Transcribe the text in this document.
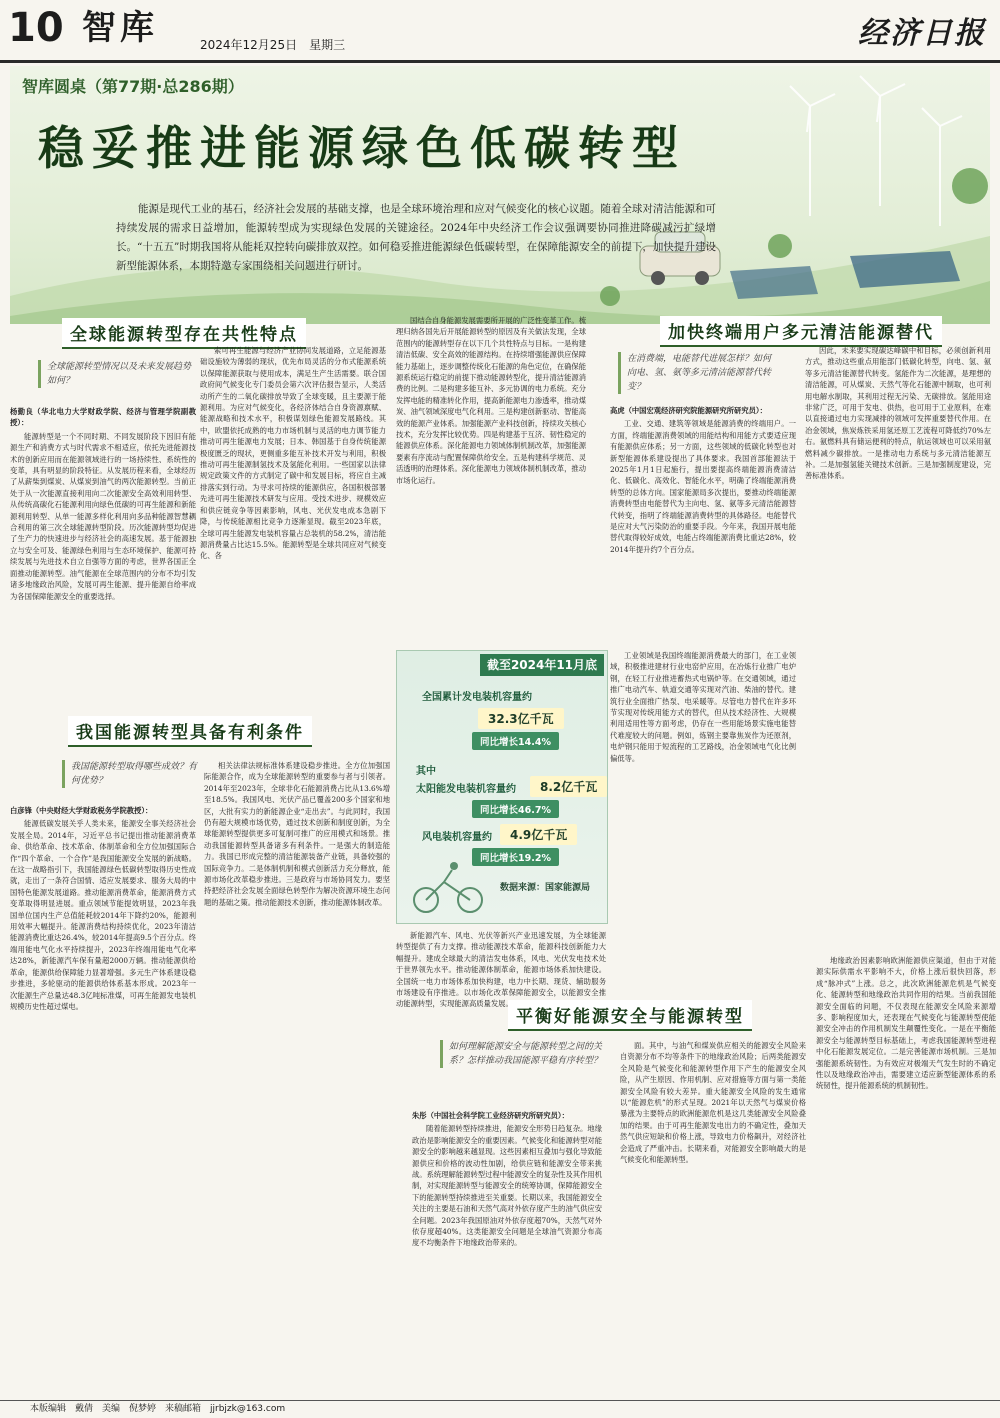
10 智库	2024年12月25日　星期三	经济日报
智库圆桌（第77期·总286期）
稳妥推进能源绿色低碳转型
能源是现代工业的基石，经济社会发展的基础支撑，也是全球环境治理和应对气候变化的核心议题。随着全球对清洁能源和可持续发展的需求日益增加，能源转型成为实现绿色发展的关键途径。2024年中央经济工作会议强调要协同推进降碳减污扩绿增长。“十五五”时期我国将从能耗双控转向碳排放双控。如何稳妥推进能源绿色低碳转型，在保障能源安全的前提下，加快提升建设新型能源体系，本期特邀专家围绕相关问题进行研讨。
全球能源转型存在共性特点
全球能源转型情况以及未来发展趋势如何？

杨勤良（华北电力大学财政学院、经济与管理学院副教授）：

能源转型是一个不同时期、不同发展阶段下因旧有能源生产和消费方式与时代需求不相适应，依托先进能源技术的创新应用而在能源领域进行的一场持续性、系统性的变革，具有明显的阶段特征。从发展历程来看，全球经历了从薪柴到煤炭、从煤炭到油气的两次能源转型。当前正处于从一次能源直接利用向二次能源安全高效利用转型、从传统高碳化石能源利用向绿色低碳的可再生能源和新能源利用转型、从单一能源多样化利用向多品种能源智慧耦合利用的第三次全球能源转型阶段。历次能源转型均促进了生产力的快速进步与经济社会的高速发展。基于能源独立与安全可及、能源绿色利用与生态环境保护、能源可持续发展与先进技术自立自强等方面的考虑，世界各国正全面推动能源转型。油气能源在全球范围内的分布不均引发诸多地缘政治风险，发展可再生能源、提升能源自给率成为各国保障能源安全的重要选择。

索可再生能源与经济产业协同发展道路，立足能源基础设施较为薄弱的现状，优先布局灵活的分布式能源系统以保障能源获取与使用成本，满足生产生活需要。联合国政府间气候变化专门委员会第六次评估报告显示，人类活动所产生的二氧化碳排放导致了全球变暖，且主要源于能源利用。为应对气候变化，各经济体结合自身资源禀赋、能源战略和技术水平，积极谋划绿色能源发展路线。其中，欧盟依托成熟的电力市场机制与灵活的电力调节能力推动可再生能源电力发展；日本、韩国基于自身传统能源极度匮乏的现状，更侧重多能互补技术开发与利用，积极推动可再生能源制氢技术及氢能化利用。一些国家以法律规定政策文件的方式制定了碳中和发展目标，将应自主减排落实到行动。为寻求可持续的能源供应，各国积极部署先进可再生能源技术研发与应用。受技术进步、规模效应和供应链竞争等因素影响，风电、光伏发电成本急剧下降，与传统能源相比竞争力逐渐显现。截至2023年底，全球可再生能源发电装机容量占总装机的58.2%，清洁能源消费量占比达15.5%。能源转型是全球共同应对气候变化、各

国结合自身能源发展需要所开展的广泛性变革工作。梳理归纳各国先后开展能源转型的原因及有关做法发现，全球范围内的能源转型存在以下几个共性特点与目标。一是构建清洁低碳、安全高效的能源结构。在持续增强能源供应保障能力基础上，逐步调整传统化石能源的角色定位，在确保能源系统运行稳定的前提下推动能源转型化，提升清洁能源消费的比例。二是构建多能互补、多元协调的电力系统。充分发挥电能的精准转化作用，提高新能源电力渗透率，推动煤炭、油气领域深度电气化利用。三是构建创新驱动、智能高效的能源产业体系。加强能源产业科技创新，持续攻关核心技术，充分发挥比较优势。四是构建基于互济、韧性稳定的能源供应体系。深化能源电力领域体制机制改革，加强能源要素有序流动与配置保障供给安全。五是构建科学规范、灵活透明的治理体系。深化能源电力领域体制机制改革，推动市场化运行。

加快终端用户多元清洁能源替代
在消费端，电能替代进展怎样？如何向电、氢、氨等多元清洁能源替代转变？

高虎（中国宏观经济研究院能源研究所研究员）：

工业、交通、建筑等领域是能源消费的终端用户。一方面，终端能源消费领域的用能结构和用能方式要适应现有能源供应体系；另一方面，这些领域的低碳化转型也对新型能源体系建设提出了具体要求。我国首部能源法于2025年1月1日起施行，提出要提高终端能源消费清洁化、低碳化、高效化、智能化水平，明确了终端能源消费转型的总体方向。国家能源局多次提出，要推动终端能源消费转型由电能替代为主向电、氢、氨等多元清洁能源替代转变，指明了终端能源消费转型的具体路径。电能替代是应对大气污染防治的重要手段。今年来，我国开展电能替代取得较好成效，电能占终端能源消费比重达28%，较2014年提升约7个百分点。

工业领域是我国终端能源消费最大的部门，在工业领域，积极推进建材行业电窑炉应用，在冶炼行业推广电炉钢，在轻工行业推进蓄热式电锅炉等。在交通领域，通过推广电动汽车、轨道交通等实现对汽油、柴油的替代。建筑行业全面推广热泵、电采暖等。尽管电力替代在许多环节实现对传统用能方式的替代，但从技术经济性、大规模利用适用性等方面考虑，仍存在一些用能场景实施电能替代难度较大的问题。例如，炼钢主要靠焦炭作为还原剂，电炉钢只能用于短流程的工艺路线，冶金领域电气化比例偏低等。

因此，未来要实现碳达峰碳中和目标，必须创新利用方式，推动这些重点用能部门低碳化转型，向电、氢、氨等多元清洁能源替代转变。氢能作为二次能源，是理想的清洁能源，可从煤炭、天然气等化石能源中制取，也可利用电解水制取，其利用过程无污染、无碳排放。氢能用途非常广泛，可用于发电、供热，也可用于工业原料，在难以直接通过电力实现减排的领域可发挥重要替代作用。在冶金领域，焦炭炼铁采用氢还原工艺流程可降低约70%左右。氨燃料具有储运便利的特点，航运领域也可以采用氨燃料减少碳排放。一是推动电力系统与多元清洁能源互补。二是加强氢能关键技术创新。三是加强制度建设，完善标准体系。

截至2024年11月底
全国累计发电装机容量约
32.3亿千瓦
同比增长14.4%
其中
太阳能发电装机容量约	8.2亿千瓦
同比增长46.7%
风电装机容量约	4.9亿千瓦
同比增长19.2%
数据来源：国家能源局
我国能源转型具备有利条件
我国能源转型取得哪些成效？有何优势？

白彦锋（中央财经大学财政税务学院教授）：

能源低碳发展关乎人类未来，能源安全事关经济社会发展全局。2014年，习近平总书记提出推动能源消费革命、供给革命、技术革命、体制革命和全方位加强国际合作“四个革命、一个合作”是我国能源安全发展的新战略。在这一战略指引下，我国能源绿色低碳转型取得历史性成就，走出了一条符合国情、适应发展要求、服务大局的中国特色能源发展道路。推动能源消费革命，能源消费方式变革取得明显进展。重点领域节能提效明显，2023年我国单位国内生产总值能耗较2014年下降约20%，能源利用效率大幅提升。能源消费结构持续优化，2023年清洁能源消费比重达26.4%，较2014年提高9.5个百分点。终端用能电气化水平持续提升，2023年终端用能电气化率达28%，新能源汽车保有量超2000万辆。推动能源供给革命，能源供给保障能力显著增强。多元生产体系建设稳步推进，多轮驱动的能源供给体系基本形成。2023年一次能源生产总量达48.3亿吨标准煤，可再生能源发电装机规模历史性超过煤电。

相关法律法规标准体系建设稳步推进。全方位加强国际能源合作，成为全球能源转型的重要参与者与引领者。2014年至2023年，全球非化石能源消费占比从13.6%增至18.5%。我国风电、光伏产品已覆盖200多个国家和地区，大批有实力的新能源企业“走出去”。与此同时，我国仍有超大规模市场优势，通过技术创新和制度创新，为全球能源转型提供更多可复制可推广的应用模式和场景。推动我国能源转型具备诸多有利条件。一是强大的制造能力。我国已形成完整的清洁能源装备产业链，具备较强的国际竞争力。二是体制机制和模式创新活力充分释放，能源市场化改革稳步推进。三是政府与市场协同发力。要坚持把经济社会发展全面绿色转型作为解决资源环境生态问题的基础之策。推动能源技术创新，推动能源体制改革。

平衡好能源安全与能源转型
如何理解能源安全与能源转型之间的关系？怎样推动我国能源平稳有序转型？

朱彤（中国社会科学院工业经济研究所研究员）：

随着能源转型持续推进，能源安全形势日趋复杂。地缘政治是影响能源安全的重要因素。气候变化和能源转型对能源安全的影响越来越显现。这些因素相互叠加与强化导致能源供应和价格的波动性加剧，给供应链和能源安全带来挑战。系统理解能源转型过程中能源安全的复杂性及其作用机制，对实现能源转型与能源安全的统筹协调，保障能源安全下的能源转型持续推进至关重要。长期以来，我国能源安全关注的主要是石油和天然气高对外依存度产生的油气供应安全问题。2023年我国原油对外依存度超70%，天然气对外依存度超40%。这类能源安全问题是全球油气资源分布高度不均衡条件下地缘政治带来的。

面。其中，与油气和煤炭供应相关的能源安全风险来自资源分布不均等条件下的地缘政治风险；后两类能源安全风险是气候变化和能源转型作用下产生的能源安全风险，从产生原因、作用机制、应对措施等方面与第一类能源安全风险有较大差异。重大能源安全风险的发生通常以“能源危机”的形式呈现。2021年以天然气与煤炭价格暴涨为主要特点的欧洲能源危机是这几类能源安全风险叠加的结果。由于可再生能源发电出力的不确定性，叠加天然气供应短缺和价格上涨，导致电力价格飙升，对经济社会造成了严重冲击。长期来看，对能源安全影响最大的是气候变化和能源转型。

地缘政治因素影响欧洲能源供应渠道，但由于对能源实际供需水平影响不大，价格上涨后很快回落，形成“脉冲式”上涨。总之，此次欧洲能源危机是气候变化、能源转型和地缘政治共同作用的结果。当前我国能源安全面临的问题，不仅表现在能源安全风险来源增多、影响程度加大，还表现在气候变化与能源转型使能源安全冲击的作用机制发生颠覆性变化。一是在平衡能源安全与能源转型目标基础上，考虑我国能源转型进程中化石能源发展定位。二是完善能源市场机制。三是加强能源系统韧性。为有效应对极端天气发生时的不确定性以及地缘政治冲击，需要建立适应新型能源体系的系统韧性，提升能源系统的机制韧性。

新能源汽车、风电、光伏等新兴产业迅速发展，为全球能源转型提供了有力支撑。推动能源技术革命，能源科技创新能力大幅提升。建成全球最大的清洁发电体系，风电、光伏发电技术处于世界领先水平。推动能源体制革命，能源市场体系加快建设。全国统一电力市场体系加快构建，电力中长期、现货、辅助服务市场建设有序推进。以市场化改革保障能源安全，以能源安全推动能源转型，实现能源高质量发展。

本版编辑　戴倩　美编　倪梦婷　来稿邮箱　jjrbjzk@163.com
